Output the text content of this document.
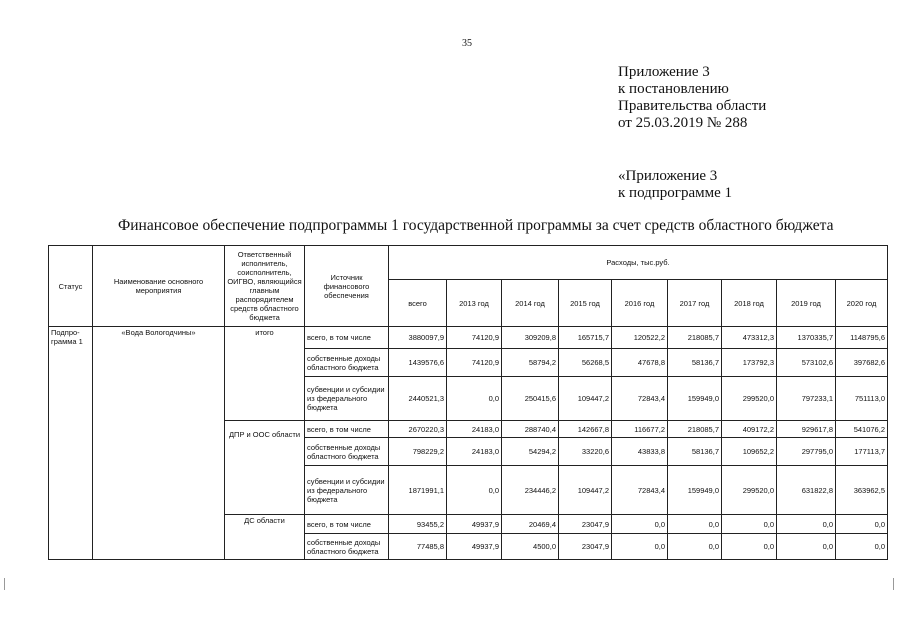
35
Приложение 3
к постановлению
Правительства области
от 25.03.2019 № 288
«Приложение 3
к подпрограмме 1
Финансовое обеспечение подпрограммы 1 государственной программы за счет средств областного бюджета
Статус	Наименование основного мероприятия	Ответственный исполнитель, соисполнитель, ОИГВО, являющийся главным распорядителем средств областного бюджета	Источник финансового обеспечения	Расходы, тыс.руб.								
				всего	2013 год	2014 год	2015 год	2016 год	2017 год	2018 год	2019 год	2020 год
Подпро-
грамма 1	«Вода Вологодчины»	итого	всего, в том числе	3880097,9	74120,9	309209,8	165715,7	120522,2	218085,7	473312,3	1370335,7	1148795,6
			собственные доходы областного бюджета	1439576,6	74120,9	58794,2	56268,5	47678,8	58136,7	173792,3	573102,6	397682,6
			субвенции и субсидии из федерального бюджета	2440521,3	0,0	250415,6	109447,2	72843,4	159949,0	299520,0	797233,1	751113,0
		ДПР и ООС области	всего, в том числе	2670220,3	24183,0	288740,4	142667,8	116677,2	218085,7	409172,2	929617,8	541076,2
			собственные доходы областного бюджета	798229,2	24183,0	54294,2	33220,6	43833,8	58136,7	109652,2	297795,0	177113,7
			субвенции и субсидии из федерального бюджета	1871991,1	0,0	234446,2	109447,2	72843,4	159949,0	299520,0	631822,8	363962,5
		ДС области	всего, в том числе	93455,2	49937,9	20469,4	23047,9	0,0	0,0	0,0	0,0	0,0
			собственные доходы областного бюджета	77485,8	49937,9	4500,0	23047,9	0,0	0,0	0,0	0,0	0,0
